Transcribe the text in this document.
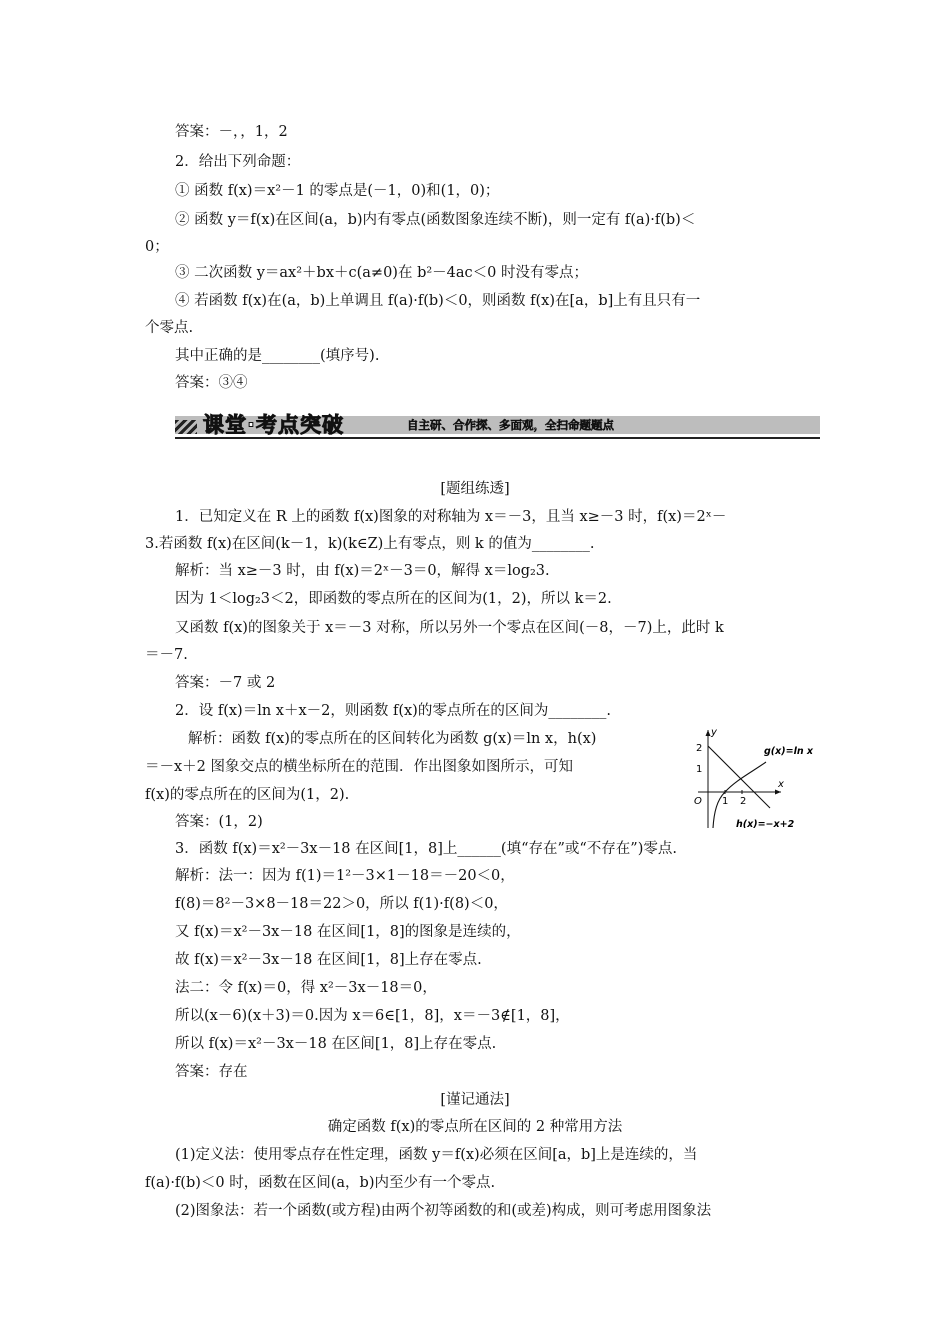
答案：－，，1，2
2．给出下列命题：
① 函数 f(x)＝x²－1 的零点是(－1，0)和(1，0)；
② 函数 y＝f(x)在区间(a，b)内有零点(函数图象连续不断)，则一定有 f(a)·f(b)＜
0；
③ 二次函数 y＝ax²＋bx＋c(a≠0)在 b²－4ac＜0 时没有零点；
④ 若函数 f(x)在(a，b)上单调且 f(a)·f(b)＜0，则函数 f(x)在[a，b]上有且只有一
个零点.
其中正确的是________(填序号).
答案：③④
课堂·考点突破	自主研、合作探、多面观，全扫命题题点
[题组练透]
1．已知定义在 R 上的函数 f(x)图象的对称轴为 x＝－3，且当 x≥－3 时，f(x)＝2ˣ－
3.若函数 f(x)在区间(k－1，k)(k∈Z)上有零点，则 k 的值为________.
解析：当 x≥－3 时，由 f(x)＝2ˣ－3＝0，解得 x＝log₂3.
因为 1＜log₂3＜2，即函数的零点所在的区间为(1，2)，所以 k＝2.
又函数 f(x)的图象关于 x＝－3 对称，所以另外一个零点在区间(－8，－7)上，此时 k
＝－7.
答案：－7 或 2
2．设 f(x)＝ln x＋x－2，则函数 f(x)的零点所在的区间为________.
解析：函数 f(x)的零点所在的区间转化为函数 g(x)＝ln x，h(x)
＝－x＋2 图象交点的横坐标所在的范围．作出图象如图所示，可知
f(x)的零点所在的区间为(1，2).
答案：(1，2)
3．函数 f(x)＝x²－3x－18 在区间[1，8]上______(填“存在”或“不存在”)零点.
解析：法一：因为 f(1)＝1²－3×1－18＝－20＜0，
f(8)＝8²－3×8－18＝22＞0，所以 f(1)·f(8)＜0，
又 f(x)＝x²－3x－18 在区间[1，8]的图象是连续的，
故 f(x)＝x²－3x－18 在区间[1，8]上存在零点.
法二：令 f(x)＝0，得 x²－3x－18＝0，
所以(x－6)(x＋3)＝0.因为 x＝6∈[1，8]，x＝－3∉[1，8]，
所以 f(x)＝x²－3x－18 在区间[1，8]上存在零点.
答案：存在
2
1
y
x
O 1 2
g(x)=ln x
h(x)=−x+2
[谨记通法]
确定函数 f(x)的零点所在区间的 2 种常用方法
(1)定义法：使用零点存在性定理，函数 y＝f(x)必须在区间[a，b]上是连续的，当
f(a)·f(b)＜0 时，函数在区间(a，b)内至少有一个零点.
(2)图象法：若一个函数(或方程)由两个初等函数的和(或差)构成，则可考虑用图象法
